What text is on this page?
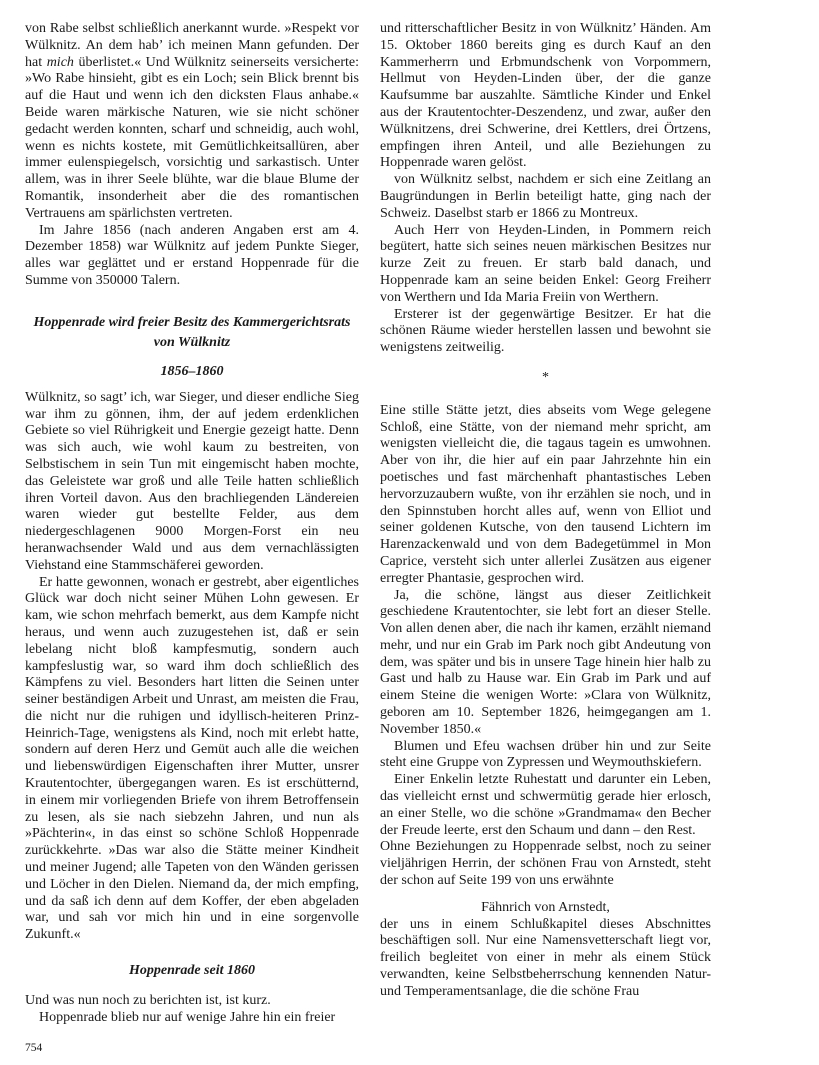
von Rabe selbst schließlich anerkannt wurde. »Respekt vor Wülknitz. An dem hab’ ich meinen Mann gefunden. Der hat mich überlistet.« Und Wülknitz seinerseits versicherte: »Wo Rabe hinsieht, gibt es ein Loch; sein Blick brennt bis auf die Haut und wenn ich den dicksten Flaus anhabe.« Beide waren märkische Naturen, wie sie nicht schöner gedacht werden konnten, scharf und schneidig, auch wohl, wenn es nichts kostete, mit Gemütlichkeitsallüren, aber immer eulenspiegelsch, vorsichtig und sarkastisch. Unter allem, was in ihrer Seele blühte, war die blaue Blume der Romantik, insonderheit aber die des romantischen Vertrauens am spärlichsten vertreten.

Im Jahre 1856 (nach anderen Angaben erst am 4. Dezember 1858) war Wülknitz auf jedem Punkte Sieger, alles war geglättet und er erstand Hoppenrade für die Summe von 350000 Talern.

Hoppenrade wird freier Besitz des Kammergerichtsrats
von Wülknitz
1856–1860

Wülknitz, so sagt’ ich, war Sieger, und dieser endliche Sieg war ihm zu gönnen, ihm, der auf jedem erdenklichen Gebiete so viel Rührigkeit und Energie gezeigt hatte. Denn was sich auch, wie wohl kaum zu bestreiten, von Selbstischem in sein Tun mit eingemischt haben mochte, das Geleistete war groß und alle Teile hatten schließlich ihren Vorteil davon. Aus den brachliegenden Ländereien waren wieder gut bestellte Felder, aus dem niedergeschlagenen 9000 Morgen-Forst ein neu heranwachsender Wald und aus dem vernachlässigten Viehstand eine Stammschäferei geworden.

Er hatte gewonnen, wonach er gestrebt, aber eigentliches Glück war doch nicht seiner Mühen Lohn gewesen. Er kam, wie schon mehrfach bemerkt, aus dem Kampfe nicht heraus, und wenn auch zuzugestehen ist, daß er sein lebelang nicht bloß kampfesmutig, sondern auch kampfeslustig war, so ward ihm doch schließlich des Kämpfens zu viel. Besonders hart litten die Seinen unter seiner beständigen Arbeit und Unrast, am meisten die Frau, die nicht nur die ruhigen und idyllisch-heiteren Prinz-Heinrich-Tage, wenigstens als Kind, noch mit erlebt hatte, sondern auf deren Herz und Gemüt auch alle die weichen und liebenswürdigen Eigenschaften ihrer Mutter, unsrer Krautentochter, übergegangen waren. Es ist erschütternd, in einem mir vorliegenden Briefe von ihrem Betroffensein zu lesen, als sie nach siebzehn Jahren, und nun als »Pächterin«, in das einst so schöne Schloß Hoppenrade zurückkehrte. »Das war also die Stätte meiner Kindheit und meiner Jugend; alle Tapeten von den Wänden gerissen und Löcher in den Dielen. Niemand da, der mich empfing, und da saß ich denn auf dem Koffer, der eben abgeladen war, und sah vor mich hin und in eine sorgenvolle Zukunft.«

Hoppenrade seit 1860

Und was nun noch zu berichten ist, ist kurz.

Hoppenrade blieb nur auf wenige Jahre hin ein freier

und ritterschaftlicher Besitz in von Wülknitz’ Händen. Am 15. Oktober 1860 bereits ging es durch Kauf an den Kammerherrn und Erbmundschenk von Vorpommern, Hellmut von Heyden-Linden über, der die ganze Kaufsumme bar auszahlte. Sämtliche Kinder und Enkel aus der Krautentochter-Deszendenz, und zwar, außer den Wülknitzens, drei Schwerine, drei Kettlers, drei Örtzens, empfingen ihren Anteil, und alle Beziehungen zu Hoppenrade waren gelöst.

von Wülknitz selbst, nachdem er sich eine Zeitlang an Baugründungen in Berlin beteiligt hatte, ging nach der Schweiz. Daselbst starb er 1866 zu Montreux.

Auch Herr von Heyden-Linden, in Pommern reich begütert, hatte sich seines neuen märkischen Besitzes nur kurze Zeit zu freuen. Er starb bald danach, und Hoppenrade kam an seine beiden Enkel: Georg Freiherr von Werthern und Ida Maria Freiin von Werthern.

Ersterer ist der gegenwärtige Besitzer. Er hat die schönen Räume wieder herstellen lassen und bewohnt sie wenigstens zeitweilig.

*

Eine stille Stätte jetzt, dies abseits vom Wege gelegene Schloß, eine Stätte, von der niemand mehr spricht, am wenigsten vielleicht die, die tagaus tagein es umwohnen. Aber von ihr, die hier auf ein paar Jahrzehnte hin ein poetisches und fast märchenhaft phantastisches Leben hervorzuzaubern wußte, von ihr erzählen sie noch, und in den Spinnstuben horcht alles auf, wenn von Elliot und seiner goldenen Kutsche, von den tausend Lichtern im Harenzackenwald und von dem Badegetümmel in Mon Caprice, versteht sich unter allerlei Zusätzen aus eigener erregter Phantasie, gesprochen wird.

Ja, die schöne, längst aus dieser Zeitlichkeit geschiedene Krautentochter, sie lebt fort an dieser Stelle. Von allen denen aber, die nach ihr kamen, erzählt niemand mehr, und nur ein Grab im Park noch gibt Andeutung von dem, was später und bis in unsere Tage hinein hier halb zu Gast und halb zu Hause war. Ein Grab im Park und auf einem Steine die wenigen Worte: »Clara von Wülknitz, geboren am 10. September 1826, heimgegangen am 1. November 1850.«

Blumen und Efeu wachsen drüber hin und zur Seite steht eine Gruppe von Zypressen und Weymouthskiefern.

Einer Enkelin letzte Ruhestatt und darunter ein Leben, das vielleicht ernst und schwermütig gerade hier erlosch, an einer Stelle, wo die schöne »Grandmama« den Becher der Freude leerte, erst den Schaum und dann – den Rest.

Ohne Beziehungen zu Hoppenrade selbst, noch zu seiner vieljährigen Herrin, der schönen Frau von Arnstedt, steht der schon auf Seite 199 von uns erwähnte

Fähnrich von Arnstedt,

der uns in einem Schlußkapitel dieses Abschnittes beschäftigen soll. Nur eine Namensvetterschaft liegt vor, freilich begleitet von einer in mehr als einem Stück verwandten, keine Selbstbeherrschung kennenden Natur- und Temperamentsanlage, die die schöne Frau

754
